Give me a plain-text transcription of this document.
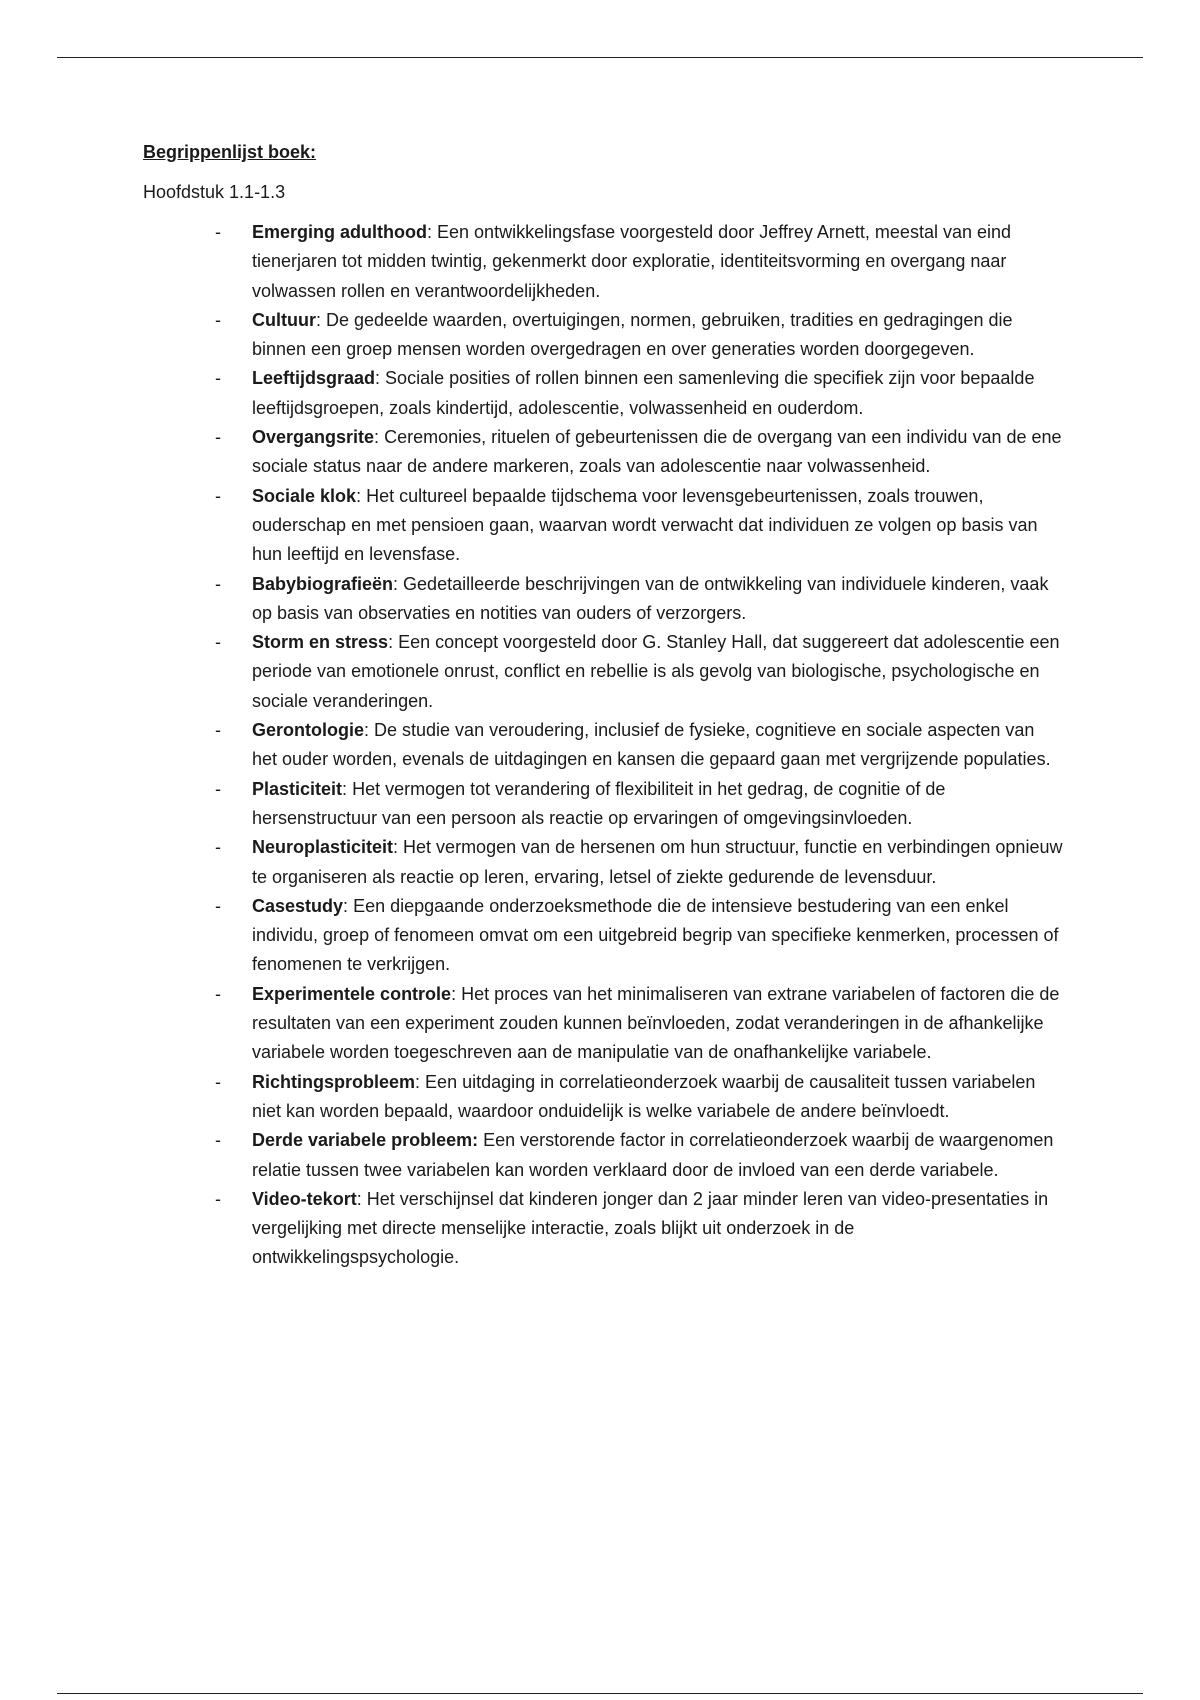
Begrippenlijst boek:
Hoofdstuk 1.1-1.3
- Emerging adulthood: Een ontwikkelingsfase voorgesteld door Jeffrey Arnett, meestal van eind tienerjaren tot midden twintig, gekenmerkt door exploratie, identiteitsvorming en overgang naar volwassen rollen en verantwoordelijkheden.
- Cultuur: De gedeelde waarden, overtuigingen, normen, gebruiken, tradities en gedragingen die binnen een groep mensen worden overgedragen en over generaties worden doorgegeven.
- Leeftijdsgraad: Sociale posities of rollen binnen een samenleving die specifiek zijn voor bepaalde leeftijdsgroepen, zoals kindertijd, adolescentie, volwassenheid en ouderdom.
- Overgangsrite: Ceremonies, rituelen of gebeurtenissen die de overgang van een individu van de ene sociale status naar de andere markeren, zoals van adolescentie naar volwassenheid.
- Sociale klok: Het cultureel bepaalde tijdschema voor levensgebeurtenissen, zoals trouwen, ouderschap en met pensioen gaan, waarvan wordt verwacht dat individuen ze volgen op basis van hun leeftijd en levensfase.
- Babybiografieën: Gedetailleerde beschrijvingen van de ontwikkeling van individuele kinderen, vaak op basis van observaties en notities van ouders of verzorgers.
- Storm en stress: Een concept voorgesteld door G. Stanley Hall, dat suggereert dat adolescentie een periode van emotionele onrust, conflict en rebellie is als gevolg van biologische, psychologische en sociale veranderingen.
- Gerontologie: De studie van veroudering, inclusief de fysieke, cognitieve en sociale aspecten van het ouder worden, evenals de uitdagingen en kansen die gepaard gaan met vergrijzende populaties.
- Plasticiteit: Het vermogen tot verandering of flexibiliteit in het gedrag, de cognitie of de hersenstructuur van een persoon als reactie op ervaringen of omgevingsinvloeden.
- Neuroplasticiteit: Het vermogen van de hersenen om hun structuur, functie en verbindingen opnieuw te organiseren als reactie op leren, ervaring, letsel of ziekte gedurende de levensduur.
- Casestudy: Een diepgaande onderzoeksmethode die de intensieve bestudering van een enkel individu, groep of fenomeen omvat om een uitgebreid begrip van specifieke kenmerken, processen of fenomenen te verkrijgen.
- Experimentele controle: Het proces van het minimaliseren van extrane variabelen of factoren die de resultaten van een experiment zouden kunnen beïnvloeden, zodat veranderingen in de afhankelijke variabele worden toegeschreven aan de manipulatie van de onafhankelijke variabele.
- Richtingsprobleem: Een uitdaging in correlatieonderzoek waarbij de causaliteit tussen variabelen niet kan worden bepaald, waardoor onduidelijk is welke variabele de andere beïnvloedt.
- Derde variabele probleem: Een verstorende factor in correlatieonderzoek waarbij de waargenomen relatie tussen twee variabelen kan worden verklaard door de invloed van een derde variabele.
- Video-tekort: Het verschijnsel dat kinderen jonger dan 2 jaar minder leren van video-presentaties in vergelijking met directe menselijke interactie, zoals blijkt uit onderzoek in de ontwikkelingspsychologie.
